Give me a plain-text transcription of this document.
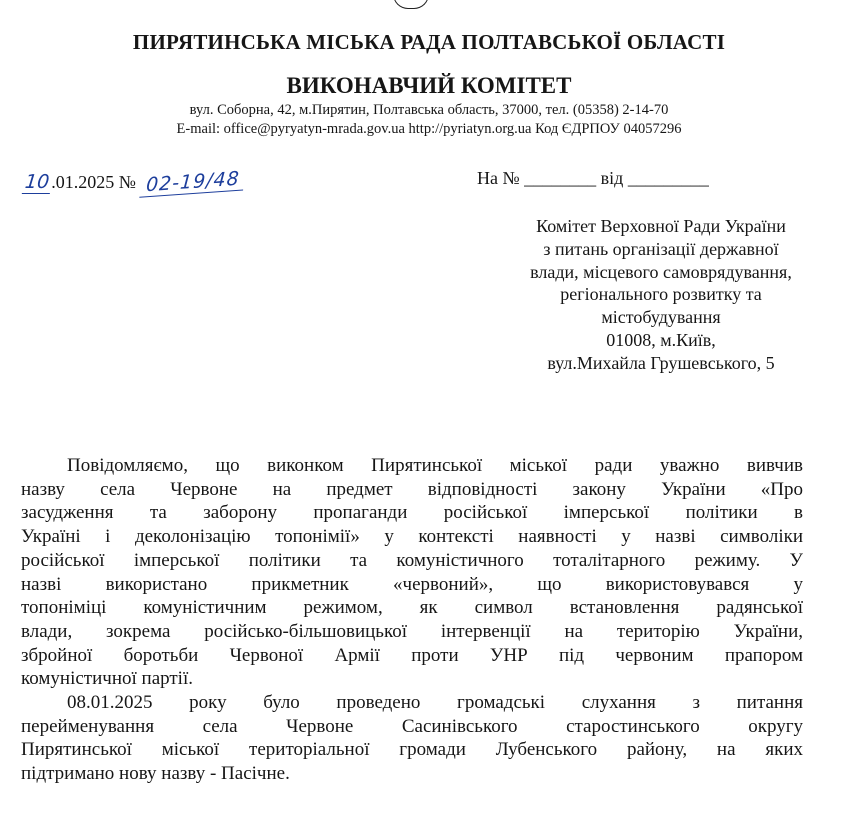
ПИРЯТИНСЬКА МІСЬКА РАДА ПОЛТАВСЬКОЇ ОБЛАСТІ
ВИКОНАВЧИЙ КОМІТЕТ
вул. Соборна, 42, м.Пирятин, Полтавська область, 37000, тел. (05358) 2-14-70
E-mail: office@pyryatyn-mrada.gov.ua http://pyriatyn.org.ua Код ЄДРПОУ 04057296
10.01.2025 № 02-19/48	На № ________ від _________
Комітет Верховної Ради України
з питань організації державної
влади, місцевого самоврядування,
регіонального розвитку та
містобудування
01008, м.Київ,
вул.Михайла Грушевського, 5
Повідомляємо, що виконком Пирятинської міської ради уважно вивчив
назву села Червоне на предмет відповідності закону України «Про
засудження та заборону пропаганди російської імперської політики в
Україні і деколонізацію топонімії» у контексті наявності у назві символіки
російської імперської політики та комуністичного тоталітарного режиму. У
назві використано прикметник «червоний», що використовувався у
топоніміці комуністичним режимом, як символ встановлення радянської
влади, зокрема російсько-більшовицької інтервенції на територію України,
збройної боротьби Червоної Армії проти УНР під червоним прапором
комуністичної партії.
08.01.2025 року було проведено громадські слухання з питання
перейменування села Червоне Сасинівського старостинського округу
Пирятинської міської територіальної громади Лубенського району, на яких
підтримано нову назву - Пасічне.
